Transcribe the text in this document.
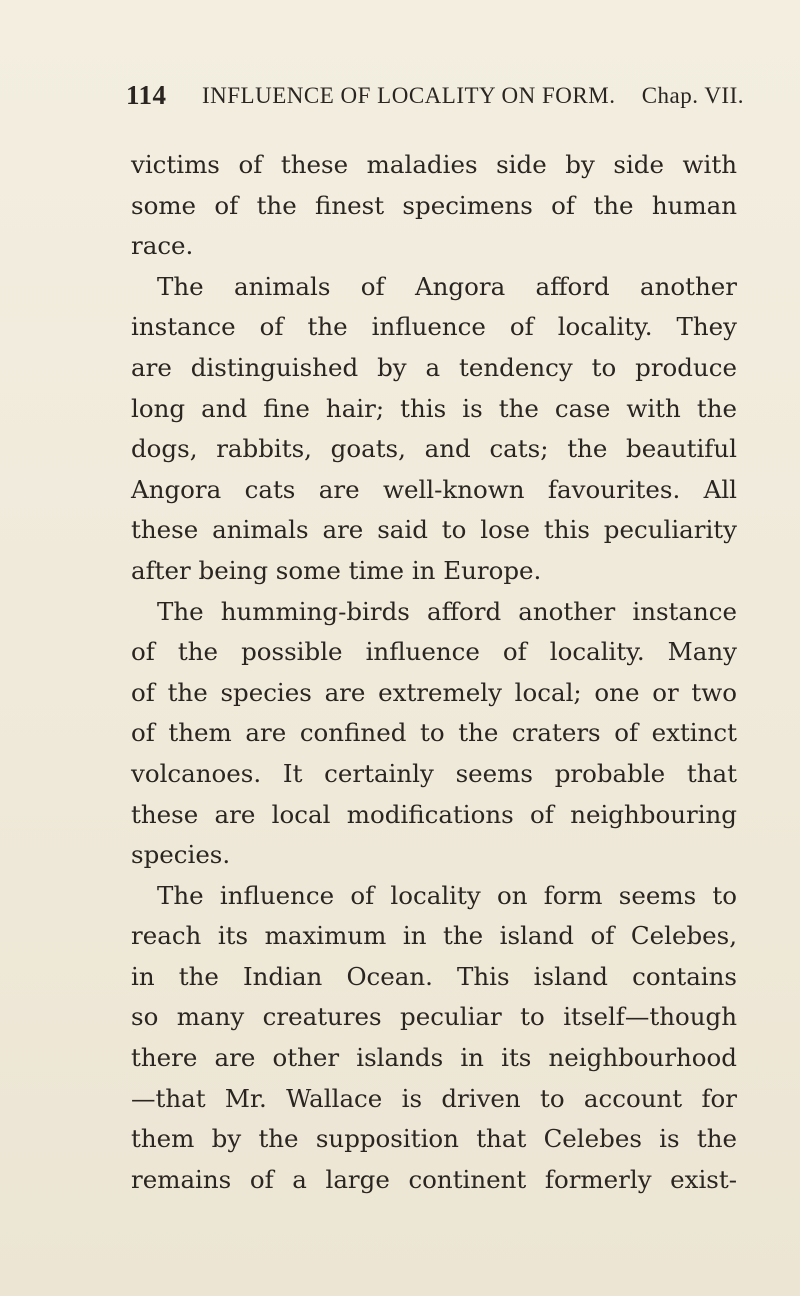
114 INFLUENCE OF LOCALITY ON FORM. Chap. VII.
victims of these maladies side by side with
some of the finest specimens of the human
race.
The animals of Angora afford another
instance of the influence of locality. They
are distinguished by a tendency to produce
long and fine hair; this is the case with the
dogs, rabbits, goats, and cats; the beautiful
Angora cats are well-known favourites. All
these animals are said to lose this peculiarity
after being some time in Europe.
The humming-birds afford another instance
of the possible influence of locality. Many
of the species are extremely local; one or two
of them are confined to the craters of extinct
volcanoes. It certainly seems probable that
these are local modifications of neighbouring
species.
The influence of locality on form seems to
reach its maximum in the island of Celebes,
in the Indian Ocean. This island contains
so many creatures peculiar to itself—though
there are other islands in its neighbourhood
—that Mr. Wallace is driven to account for
them by the supposition that Celebes is the
remains of a large continent formerly exist-
